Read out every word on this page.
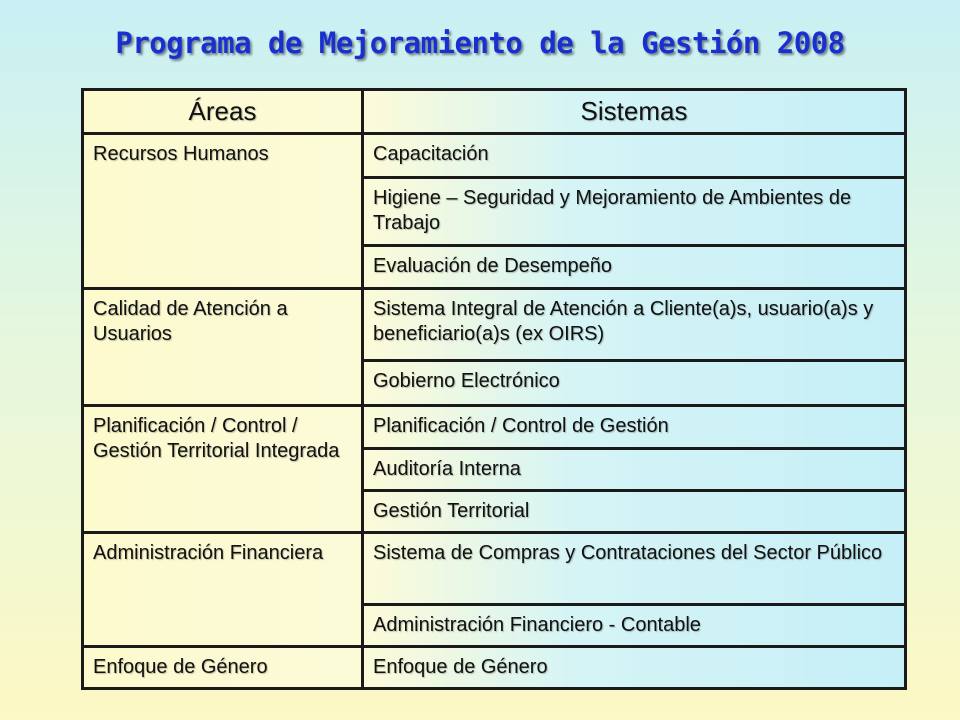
Programa de Mejoramiento de la Gestión 2008
Áreas	Sistemas
Recursos Humanos	Capacitación
	Higiene – Seguridad y Mejoramiento de Ambientes de Trabajo
	Evaluación de Desempeño
Calidad de Atención a Usuarios	Sistema Integral de Atención a Cliente(a)s, usuario(a)s y beneficiario(a)s (ex OIRS)
	Gobierno Electrónico
Planificación / Control / Gestión Territorial Integrada	Planificación / Control de Gestión
	Auditoría Interna
	Gestión Territorial
Administración Financiera	Sistema de Compras y Contrataciones del Sector Público
	Administración Financiero - Contable
Enfoque de Género	Enfoque de Género
